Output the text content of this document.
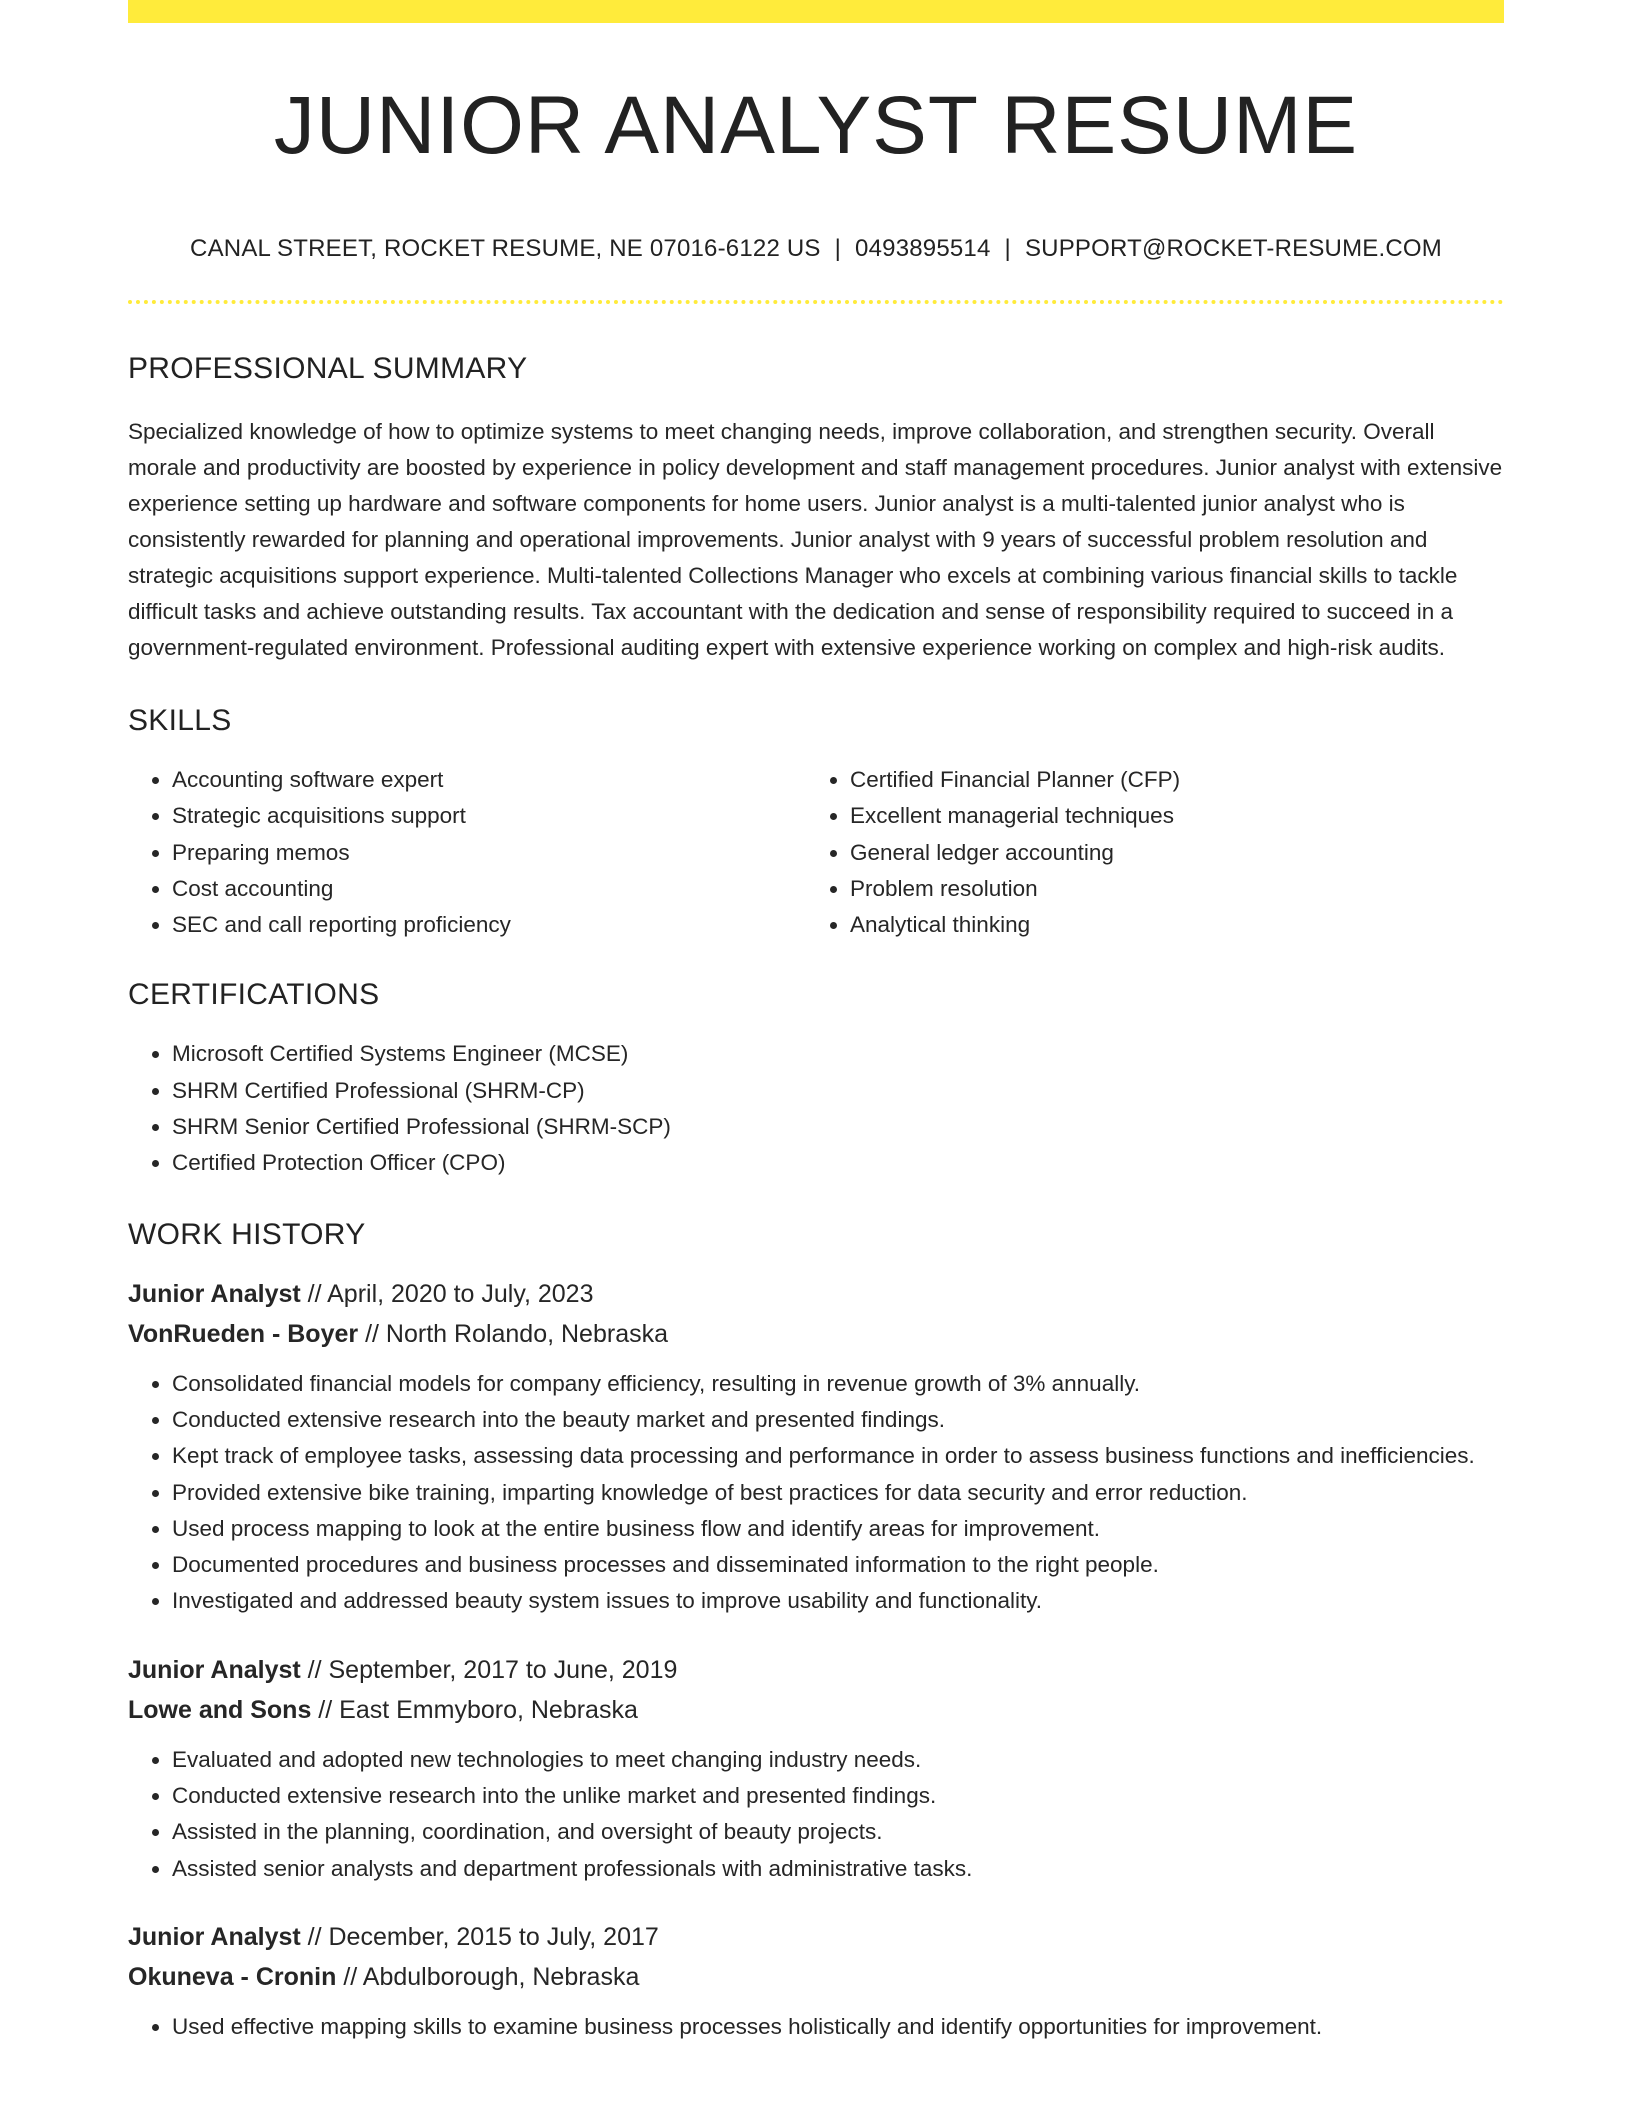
JUNIOR ANALYST RESUME
CANAL STREET, ROCKET RESUME, NE 07016-6122 US | 0493895514 | SUPPORT@ROCKET-RESUME.COM
PROFESSIONAL SUMMARY

Specialized knowledge of how to optimize systems to meet changing needs, improve collaboration, and strengthen security. Overall morale and productivity are boosted by experience in policy development and staff management procedures. Junior analyst with extensive experience setting up hardware and software components for home users. Junior analyst is a multi-talented junior analyst who is consistently rewarded for planning and operational improvements. Junior analyst with 9 years of successful problem resolution and strategic acquisitions support experience. Multi-talented Collections Manager who excels at combining various financial skills to tackle difficult tasks and achieve outstanding results. Tax accountant with the dedication and sense of responsibility required to succeed in a government-regulated environment. Professional auditing expert with extensive experience working on complex and high-risk audits.

SKILLS
• Accounting software expert
• Strategic acquisitions support
• Preparing memos
• Cost accounting
• SEC and call reporting proficiency
• Certified Financial Planner (CFP)
• Excellent managerial techniques
• General ledger accounting
• Problem resolution
• Analytical thinking
CERTIFICATIONS
• Microsoft Certified Systems Engineer (MCSE)
• SHRM Certified Professional (SHRM-CP)
• SHRM Senior Certified Professional (SHRM-SCP)
• Certified Protection Officer (CPO)
WORK HISTORY
Junior Analyst // April, 2020 to July, 2023
VonRueden - Boyer // North Rolando, Nebraska
• Consolidated financial models for company efficiency, resulting in revenue growth of 3% annually.
• Conducted extensive research into the beauty market and presented findings.
• Kept track of employee tasks, assessing data processing and performance in order to assess business functions and inefficiencies.
• Provided extensive bike training, imparting knowledge of best practices for data security and error reduction.
• Used process mapping to look at the entire business flow and identify areas for improvement.
• Documented procedures and business processes and disseminated information to the right people.
• Investigated and addressed beauty system issues to improve usability and functionality.
Junior Analyst // September, 2017 to June, 2019
Lowe and Sons // East Emmyboro, Nebraska
• Evaluated and adopted new technologies to meet changing industry needs.
• Conducted extensive research into the unlike market and presented findings.
• Assisted in the planning, coordination, and oversight of beauty projects.
• Assisted senior analysts and department professionals with administrative tasks.
Junior Analyst // December, 2015 to July, 2017
Okuneva - Cronin // Abdulborough, Nebraska
• Used effective mapping skills to examine business processes holistically and identify opportunities for improvement.
